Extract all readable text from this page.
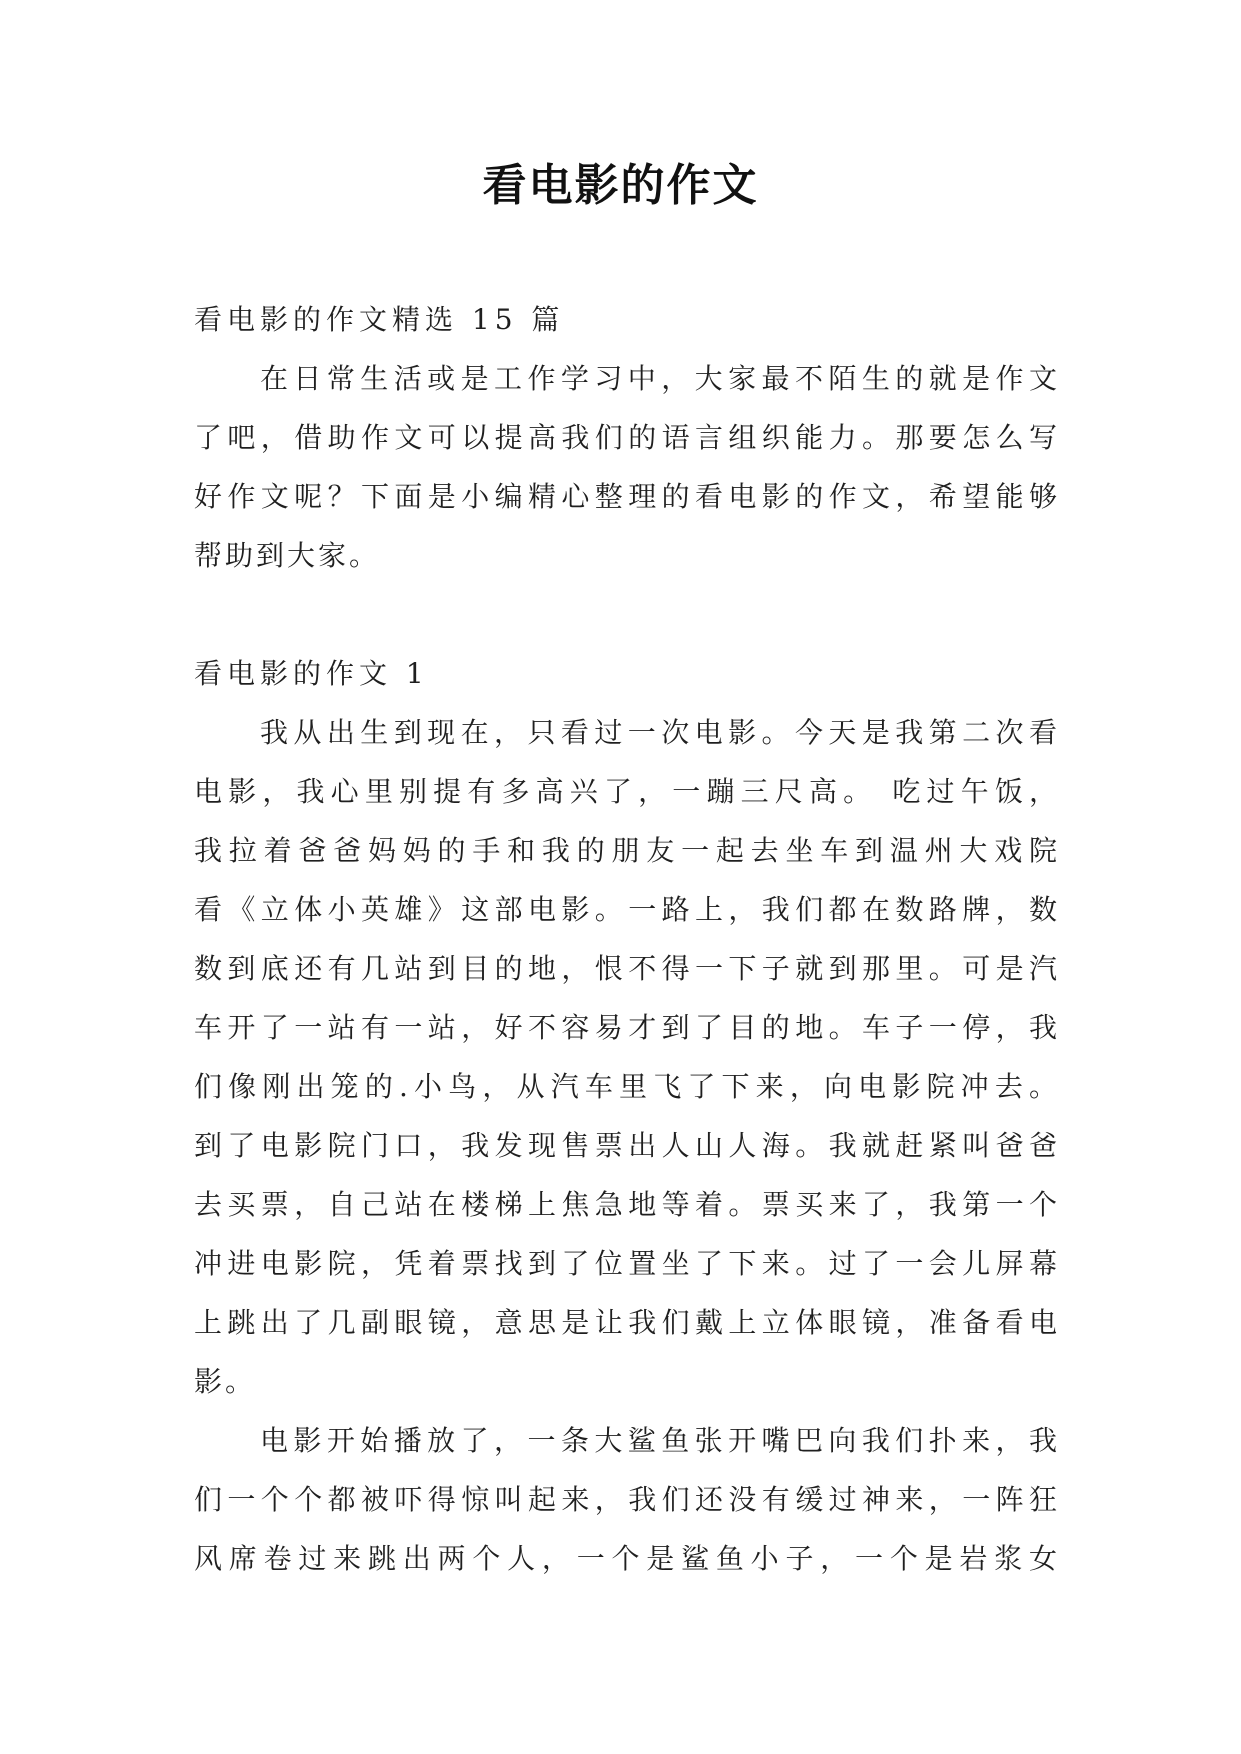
看电影的作文
看电影的作文精选 15 篇
在日常生活或是工作学习中，大家最不陌生的就是作文
了吧，借助作文可以提高我们的语言组织能力。那要怎么写
好作文呢？下面是小编精心整理的看电影的作文，希望能够
帮助到大家。
看电影的作文 1
我从出生到现在，只看过一次电影。今天是我第二次看
电影，我心里别提有多高兴了，一蹦三尺高。 吃过午饭，
我拉着爸爸妈妈的手和我的朋友一起去坐车到温州大戏院
看《立体小英雄》这部电影。一路上，我们都在数路牌，数
数到底还有几站到目的地，恨不得一下子就到那里。可是汽
车开了一站有一站，好不容易才到了目的地。车子一停，我
们像刚出笼的.小鸟，从汽车里飞了下来，向电影院冲去。
到了电影院门口，我发现售票出人山人海。我就赶紧叫爸爸
去买票，自己站在楼梯上焦急地等着。票买来了，我第一个
冲进电影院，凭着票找到了位置坐了下来。过了一会儿屏幕
上跳出了几副眼镜，意思是让我们戴上立体眼镜，准备看电
影。
电影开始播放了，一条大鲨鱼张开嘴巴向我们扑来，我
们一个个都被吓得惊叫起来，我们还没有缓过神来，一阵狂
风席卷过来跳出两个人，一个是鲨鱼小子，一个是岩浆女
